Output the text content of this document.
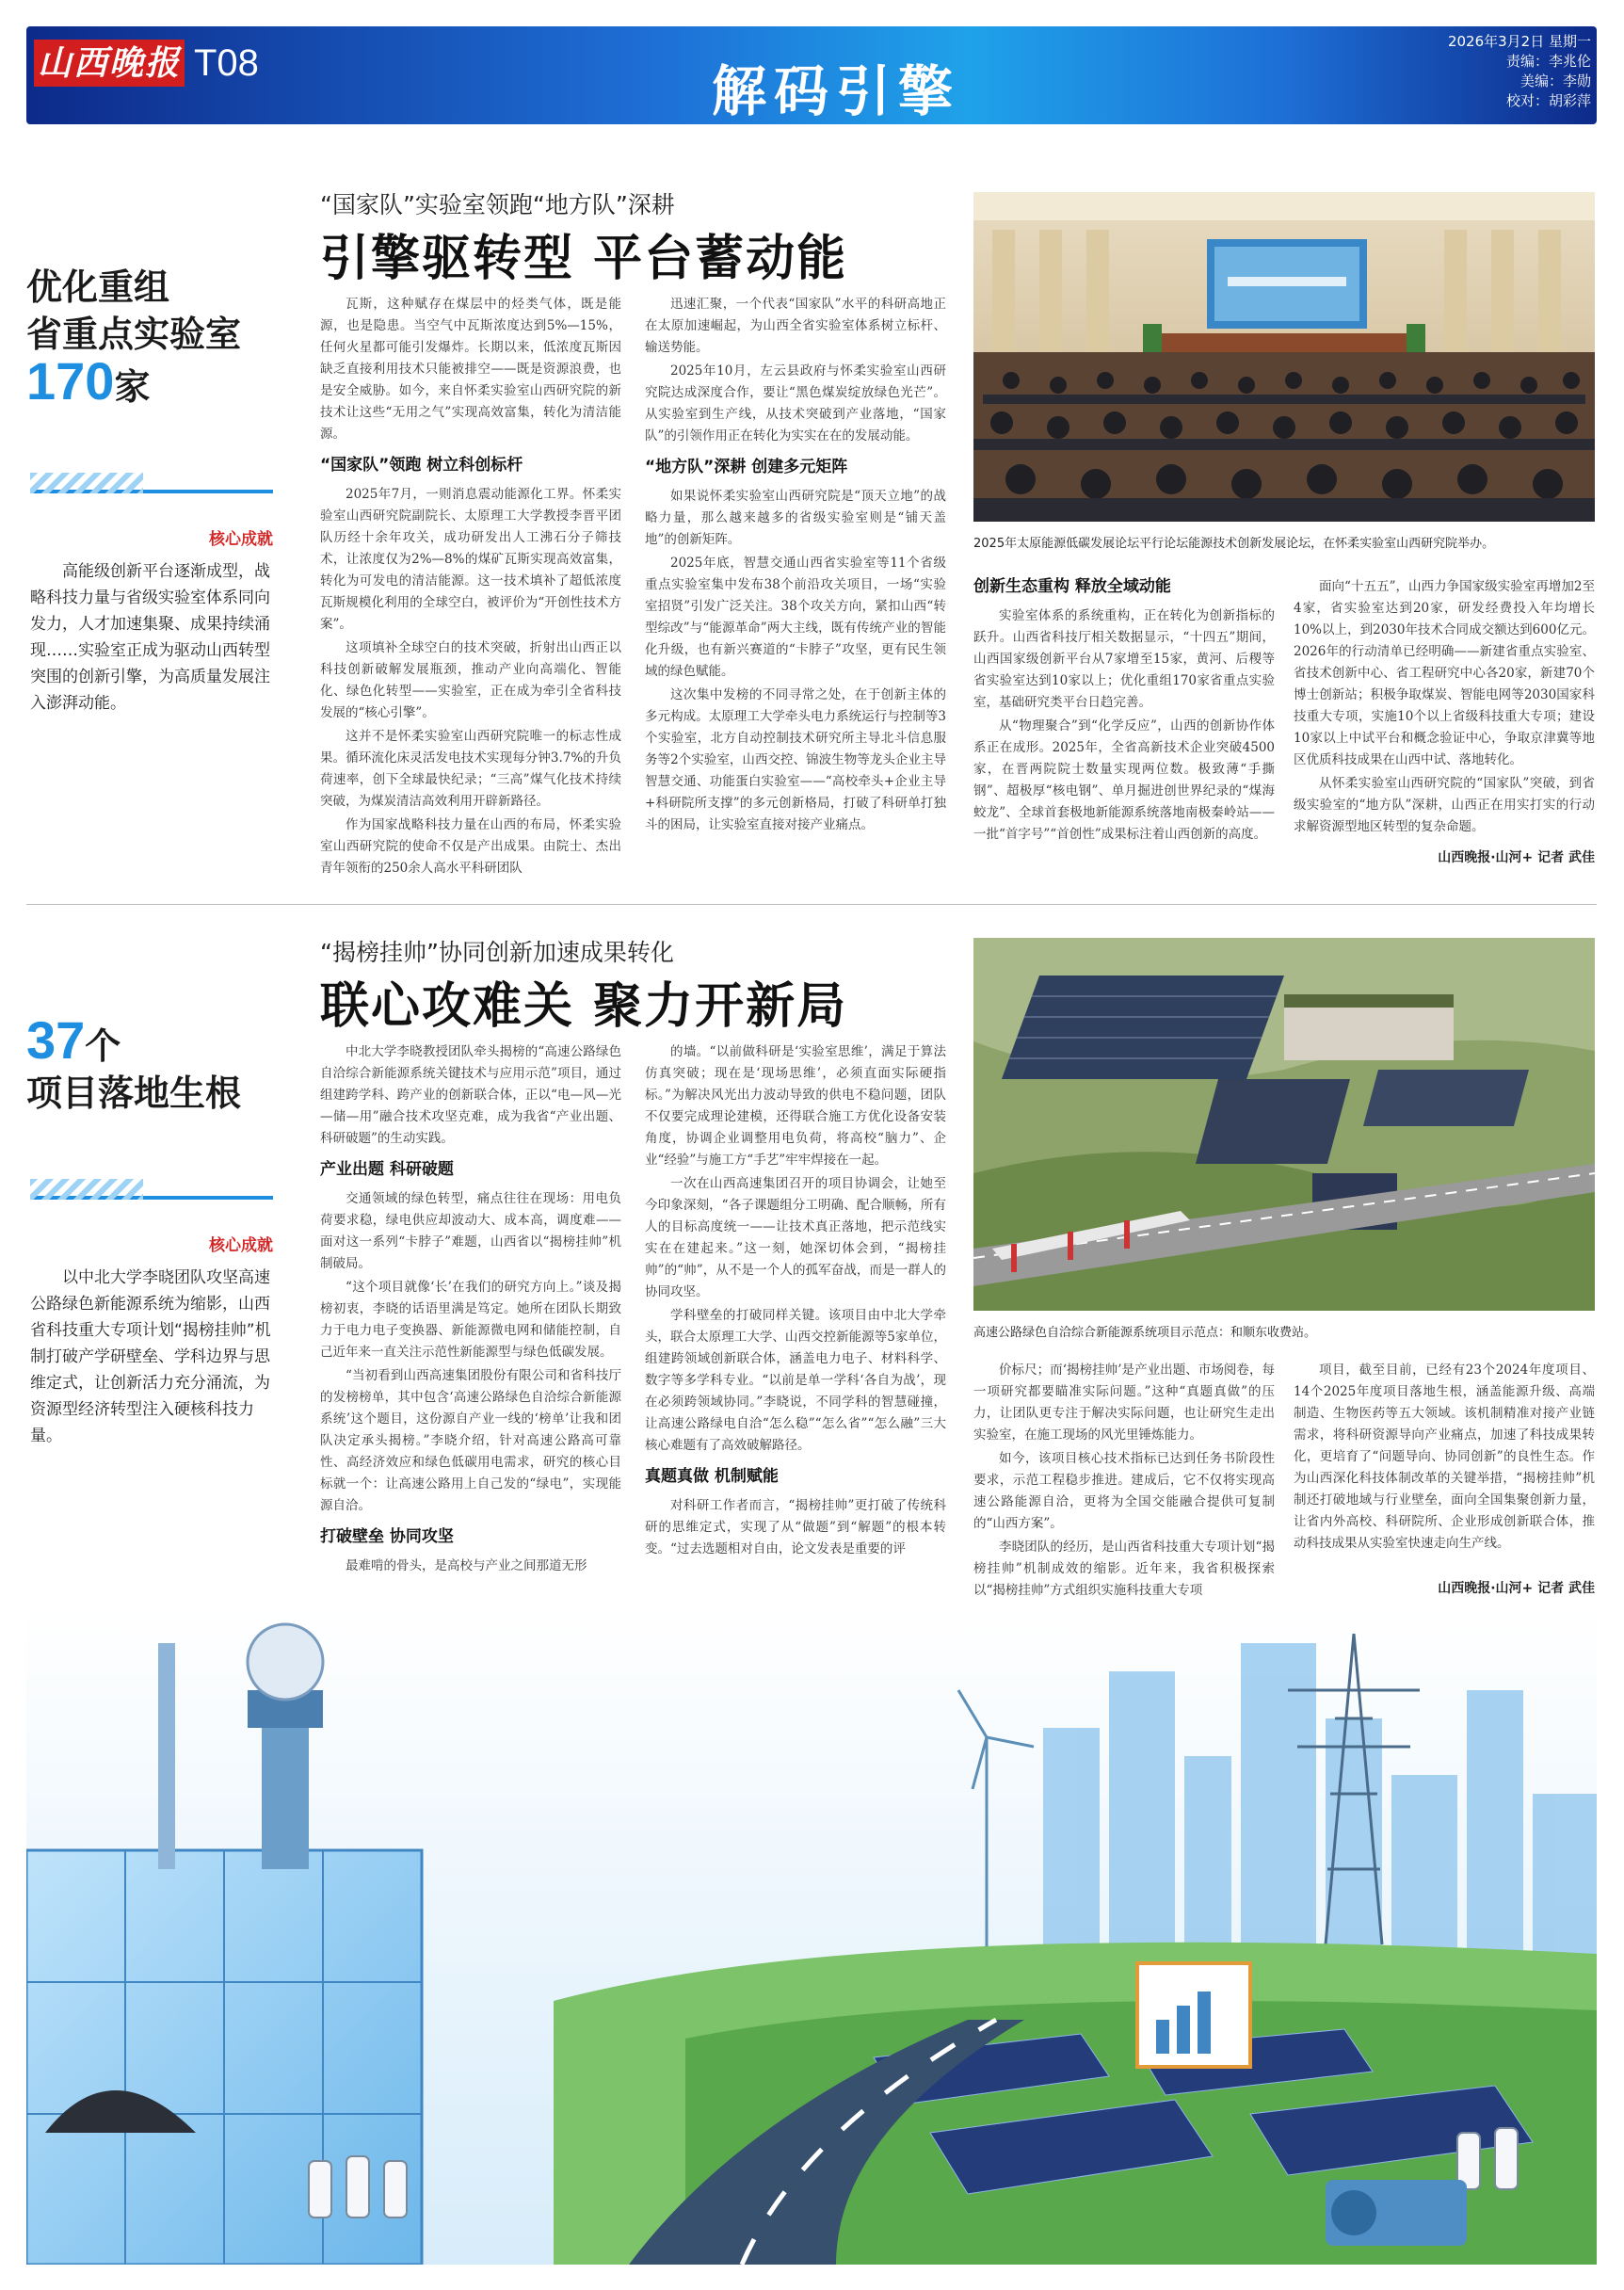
山西晚报 T08	解码引擎
2026年3月2日 星期一
责编：李兆伦
美编：李勋
校对：胡彩萍
优化重组
省重点实验室
170家
核心成就
高能级创新平台逐渐成型，战略科技力量与省级实验室体系同向发力，人才加速集聚、成果持续涌现……实验室正成为驱动山西转型突围的创新引擎，为高质量发展注入澎湃动能。
37个
项目落地生根
核心成就
以中北大学李晓团队攻坚高速公路绿色新能源系统为缩影，山西省科技重大专项计划“揭榜挂帅”机制打破产学研壁垒、学科边界与思维定式，让创新活力充分涌流，为资源型经济转型注入硬核科技力量。
“国家队”实验室领跑“地方队”深耕
引擎驱转型 平台蓄动能

瓦斯，这种赋存在煤层中的烃类气体，既是能源，也是隐患。当空气中瓦斯浓度达到5%—15%，任何火星都可能引发爆炸。长期以来，低浓度瓦斯因缺乏直接利用技术只能被排空——既是资源浪费，也是安全威胁。如今，来自怀柔实验室山西研究院的新技术让这些“无用之气”实现高效富集，转化为清洁能源。

“国家队”领跑 树立科创标杆

2025年7月，一则消息震动能源化工界。怀柔实验室山西研究院副院长、太原理工大学教授李晋平团队历经十余年攻关，成功研发出人工沸石分子筛技术，让浓度仅为2%—8%的煤矿瓦斯实现高效富集，转化为可发电的清洁能源。这一技术填补了超低浓度瓦斯规模化利用的全球空白，被评价为“开创性技术方案”。

这项填补全球空白的技术突破，折射出山西正以科技创新破解发展瓶颈，推动产业向高端化、智能化、绿色化转型——实验室，正在成为牵引全省科技发展的“核心引擎”。

这并不是怀柔实验室山西研究院唯一的标志性成果。循环流化床灵活发电技术实现每分钟3.7%的升负荷速率，创下全球最快纪录；“三高”煤气化技术持续突破，为煤炭清洁高效利用开辟新路径。

作为国家战略科技力量在山西的布局，怀柔实验室山西研究院的使命不仅是产出成果。由院士、杰出青年领衔的250余人高水平科研团队

迅速汇聚，一个代表“国家队”水平的科研高地正在太原加速崛起，为山西全省实验室体系树立标杆、输送势能。

2025年10月，左云县政府与怀柔实验室山西研究院达成深度合作，要让“黑色煤炭绽放绿色光芒”。从实验室到生产线，从技术突破到产业落地，“国家队”的引领作用正在转化为实实在在的发展动能。

“地方队”深耕 创建多元矩阵

如果说怀柔实验室山西研究院是“顶天立地”的战略力量，那么越来越多的省级实验室则是“铺天盖地”的创新矩阵。

2025年底，智慧交通山西省实验室等11个省级重点实验室集中发布38个前沿攻关项目，一场“实验室招贤”引发广泛关注。38个攻关方向，紧扣山西“转型综改”与“能源革命”两大主线，既有传统产业的智能化升级，也有新兴赛道的“卡脖子”攻坚，更有民生领域的绿色赋能。

这次集中发榜的不同寻常之处，在于创新主体的多元构成。太原理工大学牵头电力系统运行与控制等3个实验室，北方自动控制技术研究所主导北斗信息服务等2个实验室，山西交控、锦波生物等龙头企业主导智慧交通、功能蛋白实验室——“高校牵头+企业主导+科研院所支撑”的多元创新格局，打破了科研单打独斗的困局，让实验室直接对接产业痛点。

2025年太原能源低碳发展论坛平行论坛能源技术创新发展论坛，在怀柔实验室山西研究院举办。
创新生态重构 释放全域动能

实验室体系的系统重构，正在转化为创新指标的跃升。山西省科技厅相关数据显示，“十四五”期间，山西国家级创新平台从7家增至15家，黄河、后稷等省实验室达到10家以上；优化重组170家省重点实验室，基础研究类平台日趋完善。

从“物理聚合”到“化学反应”，山西的创新协作体系正在成形。2025年，全省高新技术企业突破4500家，在晋两院院士数量实现两位数。极致薄“手撕钢”、超极厚“核电钢”、单月掘进创世界纪录的“煤海蛟龙”、全球首套极地新能源系统落地南极秦岭站——一批“首字号”“首创性”成果标注着山西创新的高度。

面向“十五五”，山西力争国家级实验室再增加2至4家，省实验室达到20家，研发经费投入年均增长10%以上，到2030年技术合同成交额达到600亿元。2026年的行动清单已经明确——新建省重点实验室、省技术创新中心、省工程研究中心各20家，新建70个博士创新站；积极争取煤炭、智能电网等2030国家科技重大专项，实施10个以上省级科技重大专项；建设10家以上中试平台和概念验证中心，争取京津冀等地区优质科技成果在山西中试、落地转化。

从怀柔实验室山西研究院的“国家队”突破，到省级实验室的“地方队”深耕，山西正在用实打实的行动求解资源型地区转型的复杂命题。

山西晚报·山河+ 记者 武佳
“揭榜挂帅”协同创新加速成果转化
联心攻难关 聚力开新局

中北大学李晓教授团队牵头揭榜的“高速公路绿色自洽综合新能源系统关键技术与应用示范”项目，通过组建跨学科、跨产业的创新联合体，正以“电—风—光—储—用”融合技术攻坚克难，成为我省“产业出题、科研破题”的生动实践。

产业出题 科研破题

交通领域的绿色转型，痛点往往在现场：用电负荷要求稳，绿电供应却波动大、成本高，调度难——面对这一系列“卡脖子”难题，山西省以“揭榜挂帅”机制破局。

“这个项目就像‘长’在我们的研究方向上。”谈及揭榜初衷，李晓的话语里满是笃定。她所在团队长期致力于电力电子变换器、新能源微电网和储能控制，自己近年来一直关注示范性新能源型与绿色低碳发展。

“当初看到山西高速集团股份有限公司和省科技厅的发榜榜单，其中包含‘高速公路绿色自洽综合新能源系统’这个题目，这份源自产业一线的‘榜单’让我和团队决定承头揭榜。”李晓介绍，针对高速公路高可靠性、高经济效应和绿色低碳用电需求，研究的核心目标就一个：让高速公路用上自己发的“绿电”，实现能源自洽。

打破壁垒 协同攻坚

最难啃的骨头，是高校与产业之间那道无形

的墙。“以前做科研是‘实验室思维’，满足于算法仿真突破；现在是‘现场思维’，必须直面实际硬指标。”为解决风光出力波动导致的供电不稳问题，团队不仅要完成理论建模，还得联合施工方优化设备安装角度，协调企业调整用电负荷，将高校“脑力”、企业“经验”与施工方“手艺”牢牢焊接在一起。

一次在山西高速集团召开的项目协调会，让她至今印象深刻，“各子课题组分工明确、配合顺畅，所有人的目标高度统一——让技术真正落地，把示范线实实在在建起来。”这一刻，她深切体会到，“揭榜挂帅”的“帅”，从不是一个人的孤军奋战，而是一群人的协同攻坚。

学科壁垒的打破同样关键。该项目由中北大学牵头，联合太原理工大学、山西交控新能源等5家单位，组建跨领域创新联合体，涵盖电力电子、材料科学、数字等多学科专业。“以前是单一学科‘各自为战’，现在必须跨领域协同。”李晓说，不同学科的智慧碰撞，让高速公路绿电自洽“怎么稳”“怎么省”“怎么融”三大核心难题有了高效破解路径。

真题真做 机制赋能

对科研工作者而言，“揭榜挂帅”更打破了传统科研的思维定式，实现了从“做题”到“解题”的根本转变。“过去选题相对自由，论文发表是重要的评

高速公路绿色自洽综合新能源系统项目示范点：和顺东收费站。

价标尺；而‘揭榜挂帅’是产业出题、市场阅卷，每一项研究都要瞄准实际问题。”这种“真题真做”的压力，让团队更专注于解决实际问题，也让研究生走出实验室，在施工现场的风光里锤炼能力。

如今，该项目核心技术指标已达到任务书阶段性要求，示范工程稳步推进。建成后，它不仅将实现高速公路能源自洽，更将为全国交能融合提供可复制的“山西方案”。

李晓团队的经历，是山西省科技重大专项计划“揭榜挂帅”机制成效的缩影。近年来，我省积极探索以“揭榜挂帅”方式组织实施科技重大专项

项目，截至目前，已经有23个2024年度项目、14个2025年度项目落地生根，涵盖能源升级、高端制造、生物医药等五大领域。该机制精准对接产业链需求，将科研资源导向产业痛点，加速了科技成果转化，更培育了“问题导向、协同创新”的良性生态。作为山西深化科技体制改革的关键举措，“揭榜挂帅”机制还打破地域与行业壁垒，面向全国集聚创新力量，让省内外高校、科研院所、企业形成创新联合体，推动科技成果从实验室快速走向生产线。

山西晚报·山河+ 记者 武佳
